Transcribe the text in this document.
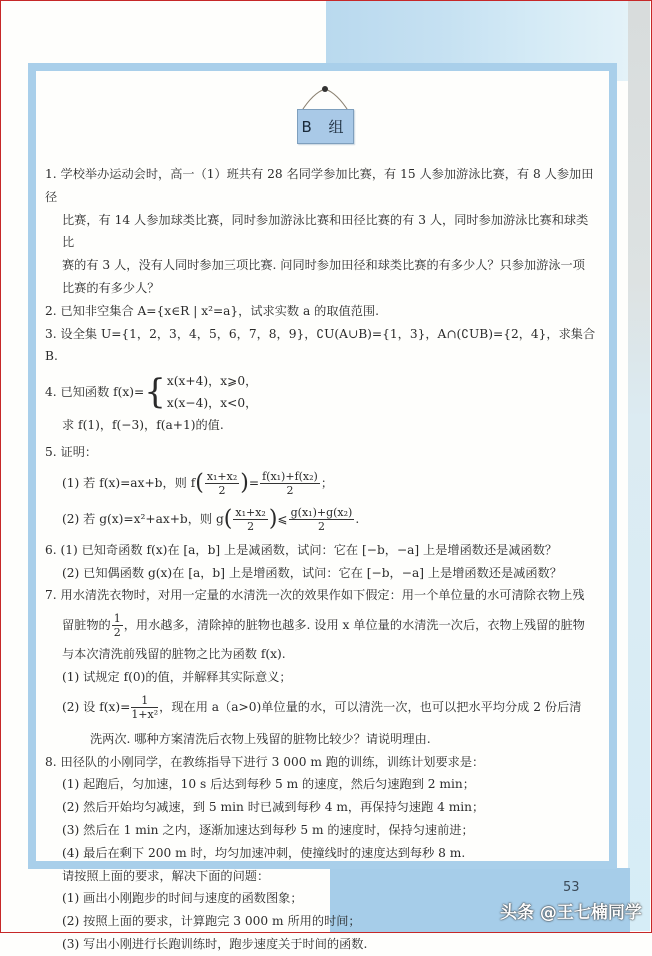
B 组

1. 学校举办运动会时，高一（1）班共有 28 名同学参加比赛，有 15 人参加游泳比赛，有 8 人参加田径

比赛，有 14 人参加球类比赛，同时参加游泳比赛和田径比赛的有 3 人，同时参加游泳比赛和球类比

赛的有 3 人，没有人同时参加三项比赛. 问同时参加田径和球类比赛的有多少人？只参加游泳一项

比赛的有多少人？

2. 已知非空集合 A={x∈R | x²=a}，试求实数 a 的取值范围.

3. 设全集 U={1，2，3，4，5，6，7，8，9}，∁U(A∪B)={1，3}，A∩(∁UB)={2，4}，求集合 B.

4. 已知函数 f(x)= { x(x+4)，x⩾0，
x(x−4)，x<0，

求 f(1)，f(−3)，f(a+1)的值.

5. 证明：

(1) 若 f(x)=ax+b，则 $f( \frac{\text{x₁+x₂}}{2}$ )= $\frac{\text{f(x₁)+f(x₂)}}{2}$ ；

(2) 若 g(x)=x²+ax+b，则 $g( \frac{\text{x₁+x₂}}{2}$ )⩽ $\frac{\text{g(x₁)+g(x₂)}}{2}$ .

6. (1) 已知奇函数 f(x)在 [a，b] 上是减函数，试问：它在 [−b，−a] 上是增函数还是减函数？

(2) 已知偶函数 g(x)在 [a，b] 上是增函数，试问：它在 [−b，−a] 上是增函数还是减函数？

7. 用水清洗衣物时，对用一定量的水清洗一次的效果作如下假定：用一个单位量的水可清除衣物上残

留脏物的 $\frac{1}{2}$ ，用水越多，清除掉的脏物也越多. 设用 x 单位量的水清洗一次后，衣物上残留的脏物

与本次清洗前残留的脏物之比为函数 f(x).

(1) 试规定 f(0)的值，并解释其实际意义；

(2) 设 $f(x)= \frac{1}{\text{1+x²}}$ ，现在用 a（a>0)单位量的水，可以清洗一次，也可以把水平均分成 2 份后清

洗两次. 哪种方案清洗后衣物上残留的脏物比较少？请说明理由.

8. 田径队的小刚同学，在教练指导下进行 3 000 m 跑的训练，训练计划要求是：

(1) 起跑后，匀加速，10 s 后达到每秒 5 m 的速度，然后匀速跑到 2 min；

(2) 然后开始均匀减速，到 5 min 时已减到每秒 4 m，再保持匀速跑 4 min；

(3) 然后在 1 min 之内，逐渐加速达到每秒 5 m 的速度时，保持匀速前进；

(4) 最后在剩下 200 m 时，均匀加速冲刺，使撞线时的速度达到每秒 8 m.

请按照上面的要求，解决下面的问题：

(1) 画出小刚跑步的时间与速度的函数图象；

(2) 按照上面的要求，计算跑完 3 000 m 所用的时间；

(3) 写出小刚进行长跑训练时，跑步速度关于时间的函数.

53
头条 @王七楠同学
